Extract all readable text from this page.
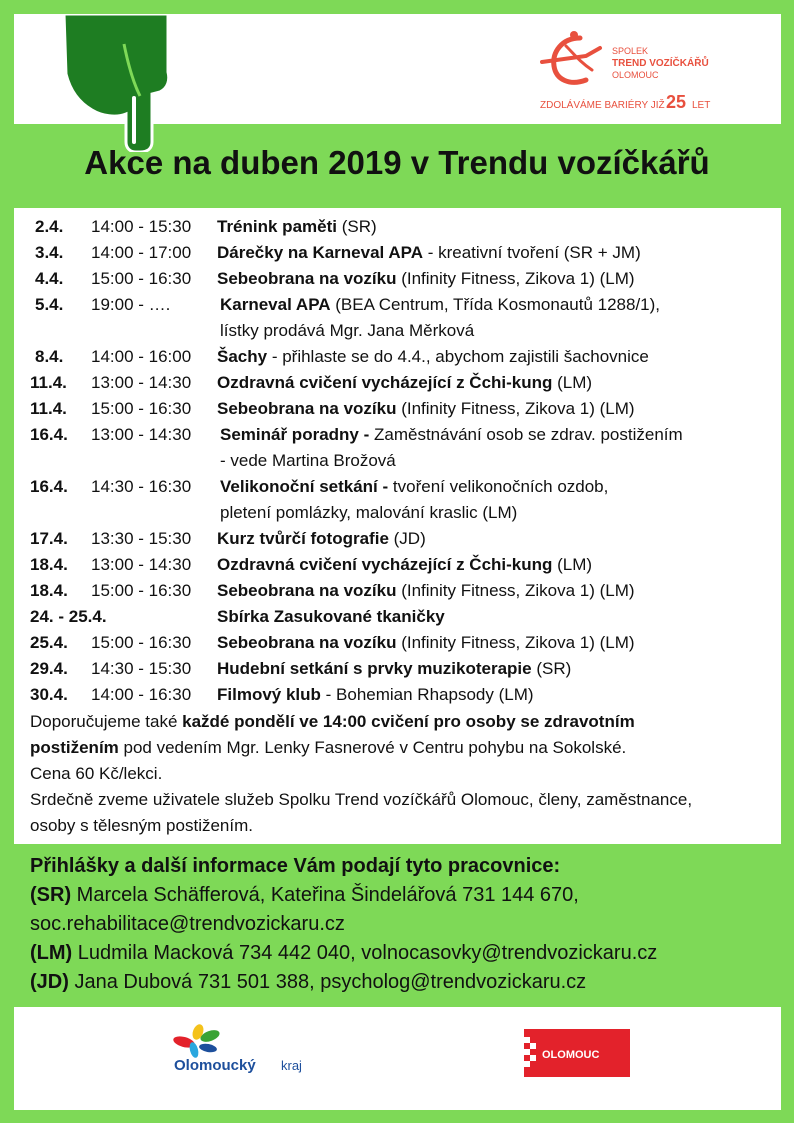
SPOLEK
TREND VOZÍČKÁŘŮ
OLOMOUC
ZDOLÁVÁME BARIÉRY JIŽ 25 LET
Akce na duben 2019 v Trendu vozíčkářů
2.4. 14:00 - 15:30 Trénink paměti (SR)
3.4. 14:00 - 17:00 Dárečky na Karneval APA - kreativní tvoření (SR + JM)
4.4. 15:00 - 16:30 Sebeobrana na vozíku (Infinity Fitness, Zikova 1) (LM)
5.4. 19:00 - ….	Karneval APA (BEA Centrum, Třída Kosmonautů 1288/1),
lístky prodává Mgr. Jana Měrková
8.4. 14:00 - 16:00 Šachy - přihlaste se do 4.4., abychom zajistili šachovnice
11.4. 13:00 - 14:30 Ozdravná cvičení vycházející z Čchi-kung (LM)
11.4. 15:00 - 16:30 Sebeobrana na vozíku (Infinity Fitness, Zikova 1) (LM)
16.4. 13:00 - 14:30 Seminář poradny - Zaměstnávání osob se zdrav. postižením
- vede Martina Brožová
16.4. 14:30 - 16:30 Velikonoční setkání - tvoření velikonočních ozdob,
pletení pomlázky, malování kraslic (LM)
17.4. 13:30 - 15:30 Kurz tvůrčí fotografie (JD)
18.4. 13:00 - 14:30 Ozdravná cvičení vycházející z Čchi-kung (LM)
18.4. 15:00 - 16:30 Sebeobrana na vozíku (Infinity Fitness, Zikova 1) (LM)
24. - 25.4.	Sbírka Zasukované tkaničky
25.4. 15:00 - 16:30 Sebeobrana na vozíku (Infinity Fitness, Zikova 1) (LM)
29.4. 14:30 - 15:30 Hudební setkání s prvky muzikoterapie (SR)
30.4. 14:00 - 16:30 Filmový klub - Bohemian Rhapsody (LM)
Doporučujeme také každé pondělí ve 14:00 cvičení pro osoby se zdravotním
postižením pod vedením Mgr. Lenky Fasnerové v Centru pohybu na Sokolské.
Cena 60 Kč/lekci.
Srdečně zveme uživatele služeb Spolku Trend vozíčkářů Olomouc, členy, zaměstnance,
osoby s tělesným postižením.
Přihlášky a další informace Vám podají tyto pracovnice:
(SR) Marcela Schäfferová, Kateřina Šindelářová 731 144 670,
soc.rehabilitace@trendvozickaru.cz
(LM) Ludmila Macková 734 442 040, volnocasovky@trendvozickaru.cz
(JD) Jana Dubová 731 501 388, psycholog@trendvozickaru.cz
Olomoucký kraj
OLOMOUC
